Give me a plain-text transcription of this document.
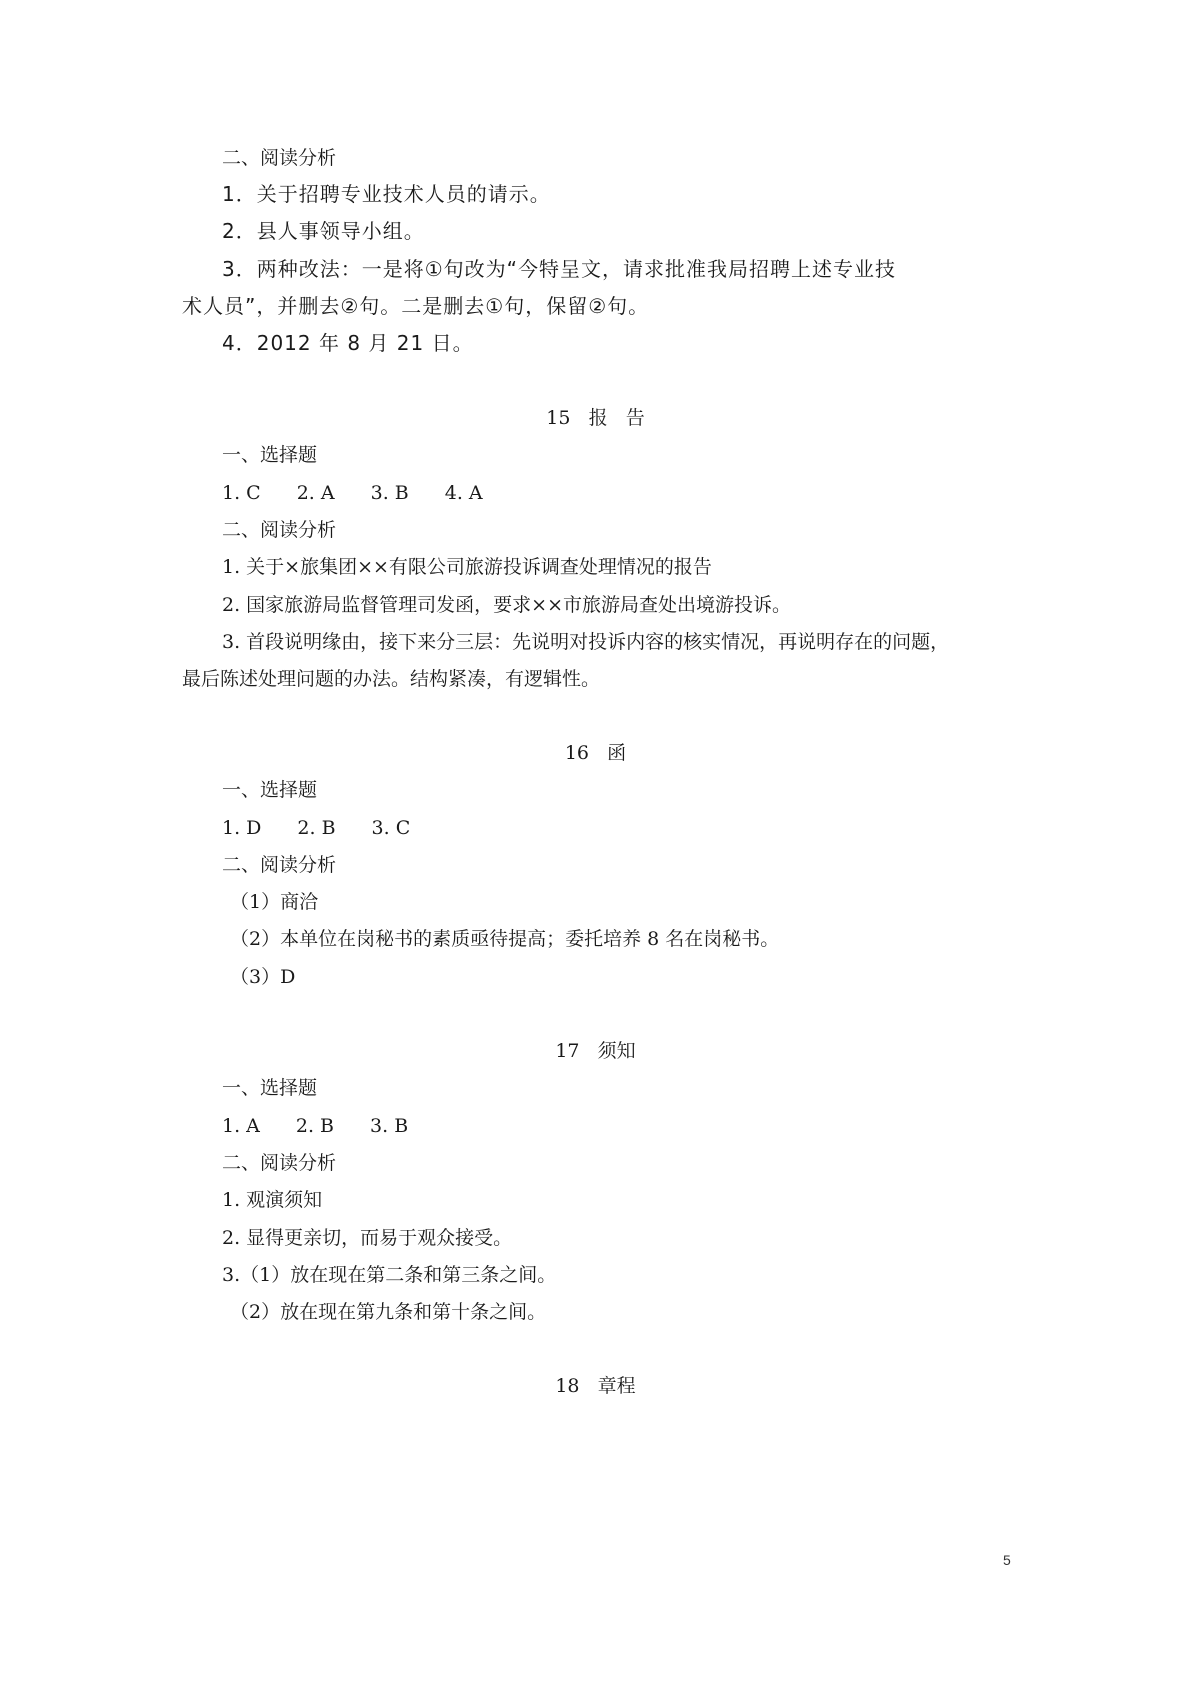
二、阅读分析
1．关于招聘专业技术人员的请示。
2．县人事领导小组。
3．两种改法：一是将①句改为“今特呈文，请求批准我局招聘上述专业技
术人员”，并删去②句。二是删去①句，保留②句。
4．2012 年 8 月 21 日。
15   报   告
一、选择题
1. C 2. A 3. B 4. A
二、阅读分析
1. 关于×旅集团××有限公司旅游投诉调查处理情况的报告
2. 国家旅游局监督管理司发函，要求××市旅游局查处出境游投诉。
3. 首段说明缘由，接下来分三层：先说明对投诉内容的核实情况，再说明存在的问题，
最后陈述处理问题的办法。结构紧凑，有逻辑性。
16   函
一、选择题
1. D 2. B 3. C
二、阅读分析
（1）商洽
（2）本单位在岗秘书的素质亟待提高；委托培养 8 名在岗秘书。
（3）D
17   须知
一、选择题
1. A 2. B 3. B
二、阅读分析
1. 观演须知
2. 显得更亲切，而易于观众接受。
3.（1）放在现在第二条和第三条之间。
（2）放在现在第九条和第十条之间。
18   章程
5
